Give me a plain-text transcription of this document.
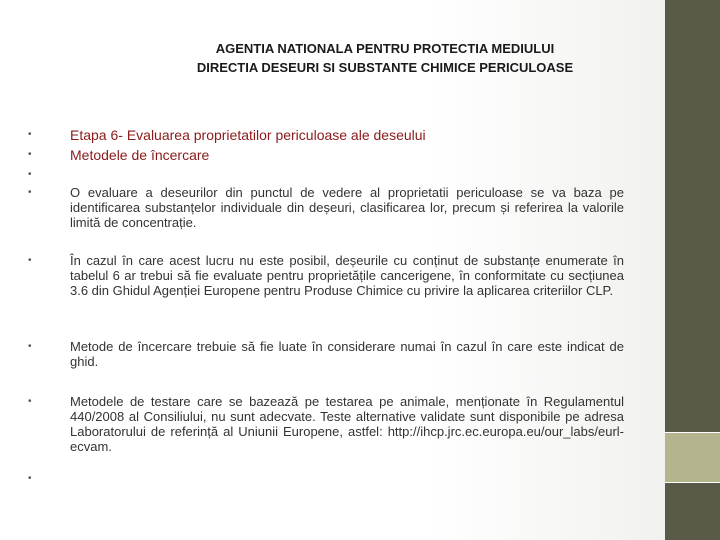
AGENTIA NATIONALA PENTRU PROTECTIA MEDIULUI
DIRECTIA DESEURI SI SUBSTANTE CHIMICE PERICULOASE
•	Etapa 6- Evaluarea proprietatilor periculoase ale deseului
•	Metodele de încercare
•
•	O evaluare a deseurilor din punctul de vedere al proprietatii periculoase se va baza pe identificarea substanțelor individuale din deșeuri, clasificarea lor, precum și referirea la valorile limită de concentrație.
•	În cazul în care acest lucru nu este posibil, deșeurile cu conținut de substanțe enumerate în tabelul 6 ar trebui să fie evaluate pentru proprietățile cancerigene, în conformitate cu secțiunea 3.6 din Ghidul Agenției Europene pentru Produse Chimice cu privire la aplicarea criteriilor CLP.
•	Metode de încercare trebuie să fie luate în considerare numai în cazul în care este indicat de ghid.
•	Metodele de testare care se bazează pe testarea pe animale, menționate în Regulamentul 440/2008 al Consiliului, nu sunt adecvate. Teste alternative validate sunt disponibile pe adresa Laboratorului de referință al Uniunii Europene, astfel: http://ihcp.jrc.ec.europa.eu/our_labs/eurl-ecvam.
•
